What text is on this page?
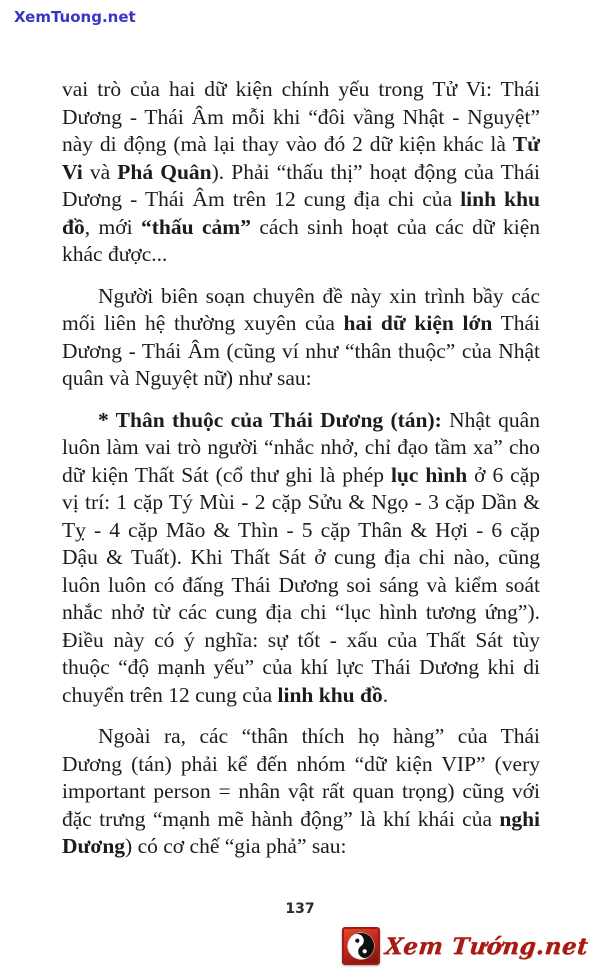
XemTuong.net

vai trò của hai dữ kiện chính yếu trong Tử Vi: Thái Dương - Thái Âm mỗi khi “đôi vầng Nhật - Nguyệt” này di động (mà lại thay vào đó 2 dữ kiện khác là Tử Vi và Phá Quân). Phải “thấu thị” hoạt động của Thái Dương - Thái Âm trên 12 cung địa chi của linh khu đồ, mới “thấu cảm” cách sinh hoạt của các dữ kiện khác được...

Người biên soạn chuyên đề này xin trình bầy các mối liên hệ thường xuyên của hai dữ kiện lớn Thái Dương - Thái Âm (cũng ví như “thân thuộc” của Nhật quân và Nguyệt nữ) như sau:

* Thân thuộc của Thái Dương (tán): Nhật quân luôn làm vai trò người “nhắc nhở, chỉ đạo tầm xa” cho dữ kiện Thất Sát (cổ thư ghi là phép lục hình ở 6 cặp vị trí: 1 cặp Tý Mùi - 2 cặp Sửu & Ngọ - 3 cặp Dần & Tỵ - 4 cặp Mão & Thìn - 5 cặp Thân & Hợi - 6 cặp Dậu & Tuất). Khi Thất Sát ở cung địa chi nào, cũng luôn luôn có đấng Thái Dương soi sáng và kiểm soát nhắc nhở từ các cung địa chi “lục hình tương ứng”). Điều này có ý nghĩa: sự tốt - xấu của Thất Sát tùy thuộc “độ mạnh yếu” của khí lực Thái Dương khi di chuyển trên 12 cung của linh khu đồ.

Ngoài ra, các “thân thích họ hàng” của Thái Dương (tán) phải kể đến nhóm “dữ kiện VIP” (very important person = nhân vật rất quan trọng) cũng với đặc trưng “mạnh mẽ hành động” là khí khái của nghi Dương) có cơ chế “gia phả” sau:

137
Xem Tướng.net
